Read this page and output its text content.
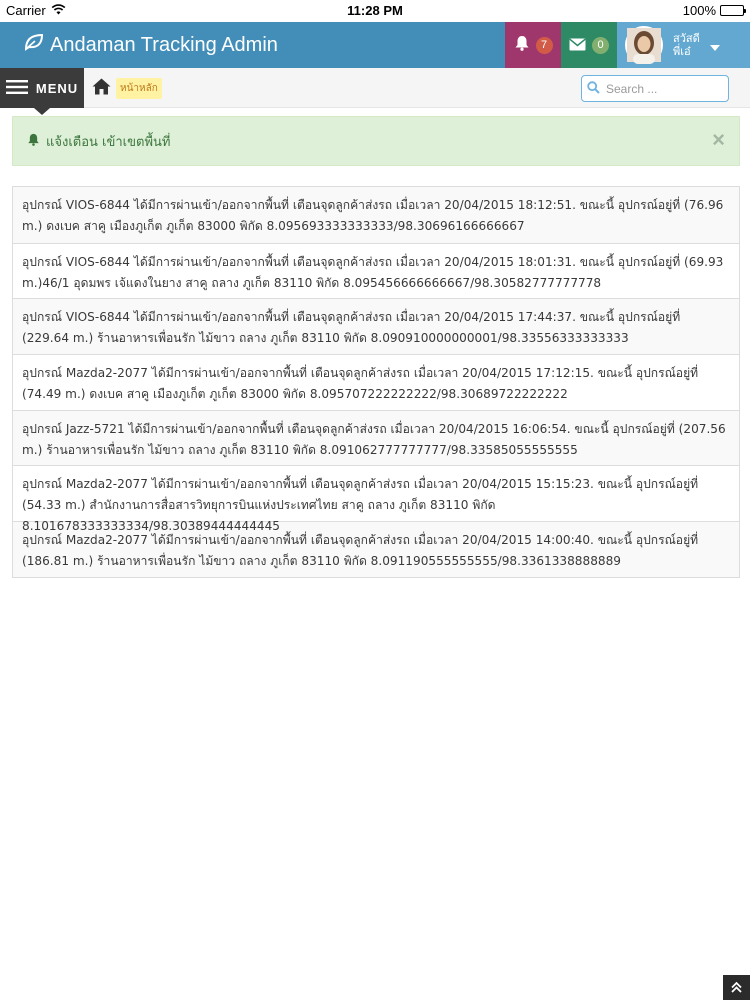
Carrier	11:28 PM	100%
Andaman Tracking Admin	7	0	สวัสดี
พี่เอ๋
MENU	หน้าหลัก
Search ...
แจ้งเตือน เข้าเขตพื้นที่	×
อุปกรณ์ VIOS-6844 ได้มีการผ่านเข้า/ออกจากพื้นที่ เตือนจุดลูกค้าส่งรถ เมื่อเวลา 20/04/2015 18:12:51. ขณะนี้ อุปกรณ์อยู่ที่ (76.96 m.) ดงเบค สาคู เมืองภูเก็ต ภูเก็ต 83000 พิกัด 8.095693333333333/98.30696166666667
อุปกรณ์ VIOS-6844 ได้มีการผ่านเข้า/ออกจากพื้นที่ เตือนจุดลูกค้าส่งรถ เมื่อเวลา 20/04/2015 18:01:31. ขณะนี้ อุปกรณ์อยู่ที่ (69.93 m.)46/1 อุดมพร เจ้แดงในยาง สาคู ถลาง ภูเก็ต 83110 พิกัด 8.095456666666667/98.30582777777778
อุปกรณ์ VIOS-6844 ได้มีการผ่านเข้า/ออกจากพื้นที่ เตือนจุดลูกค้าส่งรถ เมื่อเวลา 20/04/2015 17:44:37. ขณะนี้ อุปกรณ์อยู่ที่ (229.64 m.) ร้านอาหารเพื่อนรัก ไม้ขาว ถลาง ภูเก็ต 83110 พิกัด 8.090910000000001/98.33556333333333
อุปกรณ์ Mazda2-2077 ได้มีการผ่านเข้า/ออกจากพื้นที่ เตือนจุดลูกค้าส่งรถ เมื่อเวลา 20/04/2015 17:12:15. ขณะนี้ อุปกรณ์อยู่ที่ (74.49 m.) ดงเบค สาคู เมืองภูเก็ต ภูเก็ต 83000 พิกัด 8.095707222222222/98.30689722222222
อุปกรณ์ Jazz-5721 ได้มีการผ่านเข้า/ออกจากพื้นที่ เตือนจุดลูกค้าส่งรถ เมื่อเวลา 20/04/2015 16:06:54. ขณะนี้ อุปกรณ์อยู่ที่ (207.56 m.) ร้านอาหารเพื่อนรัก ไม้ขาว ถลาง ภูเก็ต 83110 พิกัด 8.091062777777777/98.33585055555555
อุปกรณ์ Mazda2-2077 ได้มีการผ่านเข้า/ออกจากพื้นที่ เตือนจุดลูกค้าส่งรถ เมื่อเวลา 20/04/2015 15:15:23. ขณะนี้ อุปกรณ์อยู่ที่ (54.33 m.) สำนักงานการสื่อสารวิทยุการบินแห่งประเทศไทย สาคู ถลาง ภูเก็ต 83110 พิกัด 8.101678333333334/98.30389444444445
อุปกรณ์ Mazda2-2077 ได้มีการผ่านเข้า/ออกจากพื้นที่ เตือนจุดลูกค้าส่งรถ เมื่อเวลา 20/04/2015 14:00:40. ขณะนี้ อุปกรณ์อยู่ที่ (186.81 m.) ร้านอาหารเพื่อนรัก ไม้ขาว ถลาง ภูเก็ต 83110 พิกัด 8.091190555555555/98.3361338888889
